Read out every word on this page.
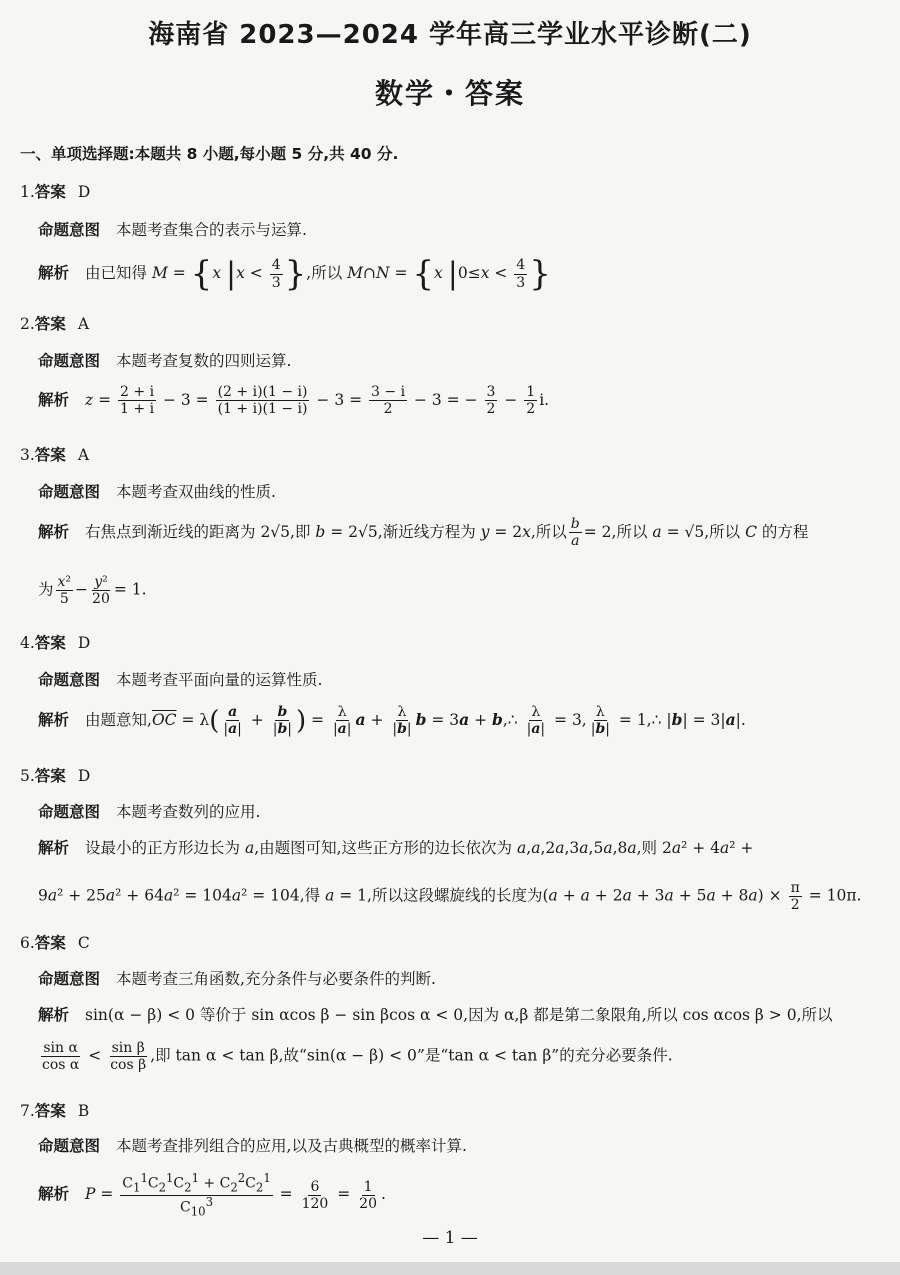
海南省 2023—2024 学年高三学业水平诊断(二)
数学・答案
一、单项选择题:本题共 8 小题,每小题 5 分,共 40 分.
1.答案 D
命题意图 本题考查集合的表示与运算.
解析 由已知得 M = {x $|x < \frac{4}{3}$ },所以 M∩N = {x $|0\le x < \frac{4}{3}$ }
2.答案 A
命题意图 本题考查复数的四则运算.
解析 $z = \frac{2 + i}{1 + i} - 3 = \frac{(2 + i)(1 - i)}{(1 + i)(1 - i)} - 3 = \frac{3 - i}{2} - 3$ = − $\frac{3}{2} - \frac{1}{2} i$.
3.答案 A
命题意图 本题考查双曲线的性质.
解析 右焦点到渐近线的距离为 2√5,即 b = 2√5,渐近线方程为 y = 2x,所以 $\frac{b}{a} = 2$,所以 a = √5,所以 C 的方程
为 $\frac{\text{x²}}{5} - \frac{\text{y²}}{20} = 1$.
4.答案 D
命题意图 本题考查平面向量的运算性质.
解析 由题意知$,\overline{OC} = \lambda( \frac{a}{|a|} + \frac{b}{|b|}$ ) = $\frac{\lambda}{|a|}$ $a + \frac{\lambda}{|b|}$ b = 3a + b,∴ $\frac{\lambda}{|a|} = 3$, $\frac{\lambda}{|b|}$ = 1,∴ |b| = 3|a|.
5.答案 D
命题意图 本题考查数列的应用.
解析 设最小的正方形边长为 a,由题图可知,这些正方形的边长依次为 a,a,2a,3a,5a,8a,则 2a² + 4a² +
9a² + 25a² + 64a² = 104a² = 104,得 a = 1,所以这段螺旋线的长度为$(a + a + 2a + 3a + 5a + 8a) \times \frac{\pi}{2} = 10\pi$.
6.答案 C
命题意图 本题考查三角函数,充分条件与必要条件的判断.
解析 sin(α − β) < 0 等价于 sin αcos β − sin βcos α < 0,因为 α,β 都是第二象限角,所以 cos αcos β > 0,所以
$\frac{\text{sin α}}{\text{cos α}} < \frac{\text{sin β}}{\text{cos β}}$ ,即 tan α < tan β,故“sin(α − β) < 0”是“tan α < tan β”的充分必要条件.
7.答案 B
命题意图 本题考查排列组合的应用,以及古典概型的概率计算.
解析 $P = \frac{C_1^1C_2^1C_2^1 + C_2^2C_2^1}{C_{10}^3} = \frac{6}{120} = \frac{1}{20}$ .
— 1 —
